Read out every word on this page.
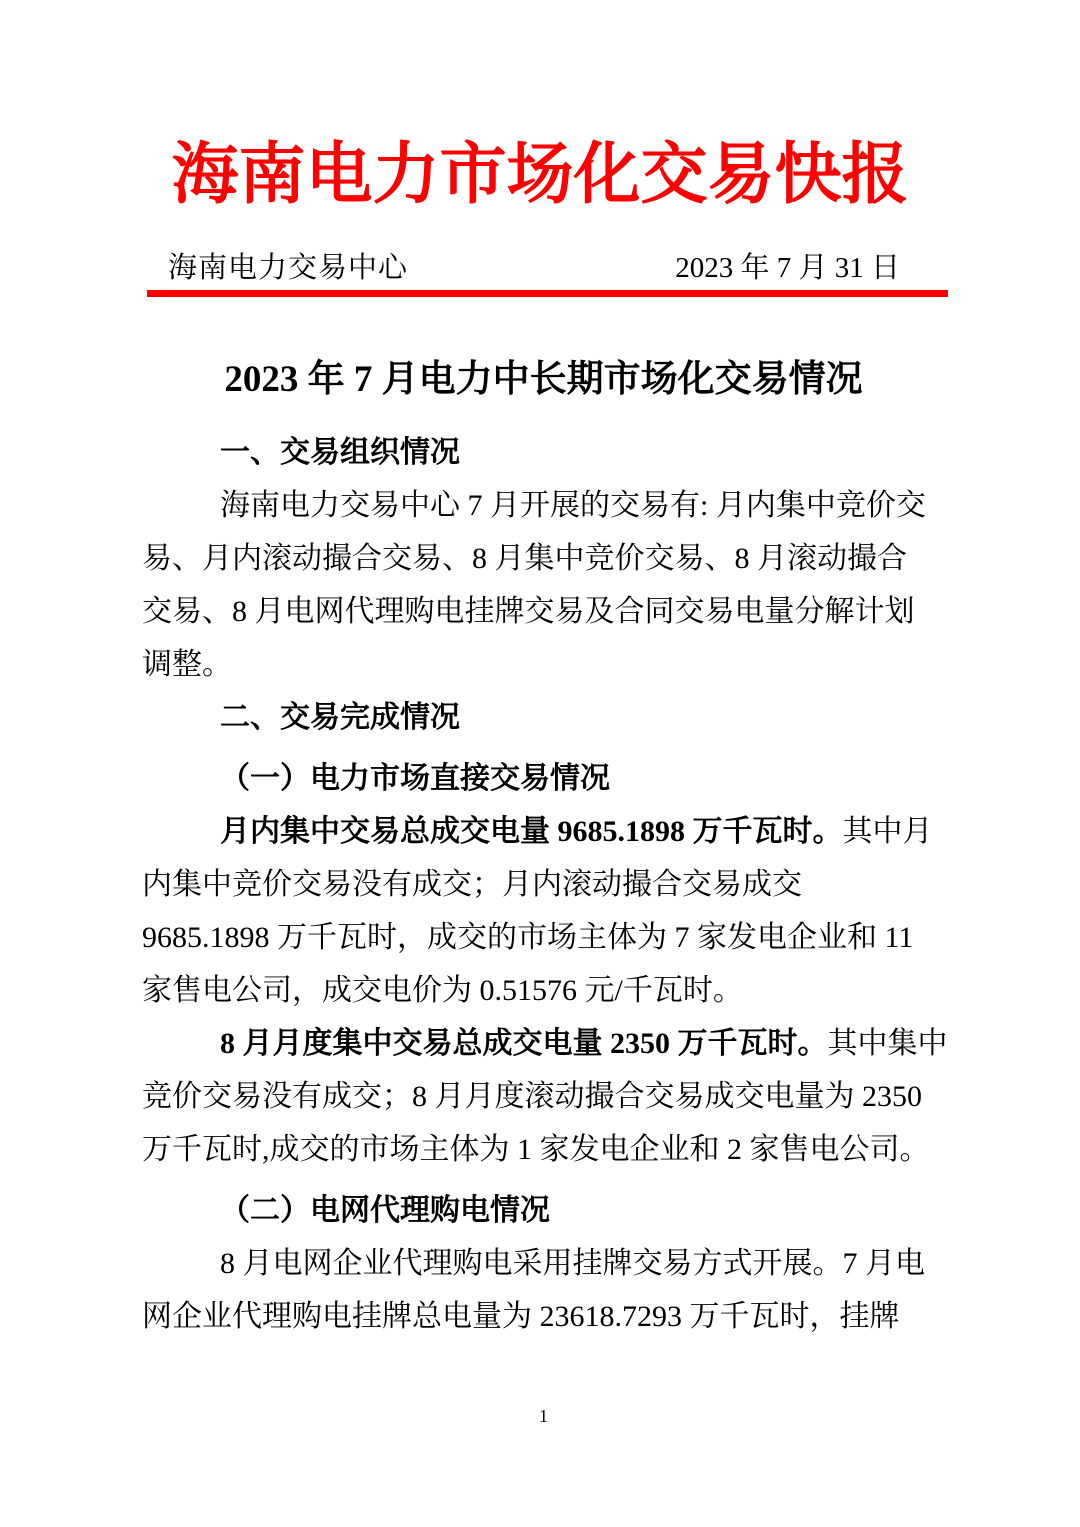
海南电力市场化交易快报
海南电力交易中心	2023 年 7 月 31 日
2023 年 7 月电力中长期市场化交易情况
一、交易组织情况
海南电力交易中心 7 月开展的交易有: 月内集中竞价交
易、月内滚动撮合交易、8 月集中竞价交易、8 月滚动撮合
交易、8 月电网代理购电挂牌交易及合同交易电量分解计划
调整。
二、交易完成情况
（一）电力市场直接交易情况
月内集中交易总成交电量 9685.1898 万千瓦时。其中月
内集中竞价交易没有成交；月内滚动撮合交易成交
9685.1898 万千瓦时，成交的市场主体为 7 家发电企业和 11
家售电公司，成交电价为 0.51576 元/千瓦时。
8 月月度集中交易总成交电量 2350 万千瓦时。其中集中
竞价交易没有成交；8 月月度滚动撮合交易成交电量为 2350
万千瓦时,成交的市场主体为 1 家发电企业和 2 家售电公司。
（二）电网代理购电情况
8 月电网企业代理购电采用挂牌交易方式开展。7 月电
网企业代理购电挂牌总电量为 23618.7293 万千瓦时，挂牌
1
